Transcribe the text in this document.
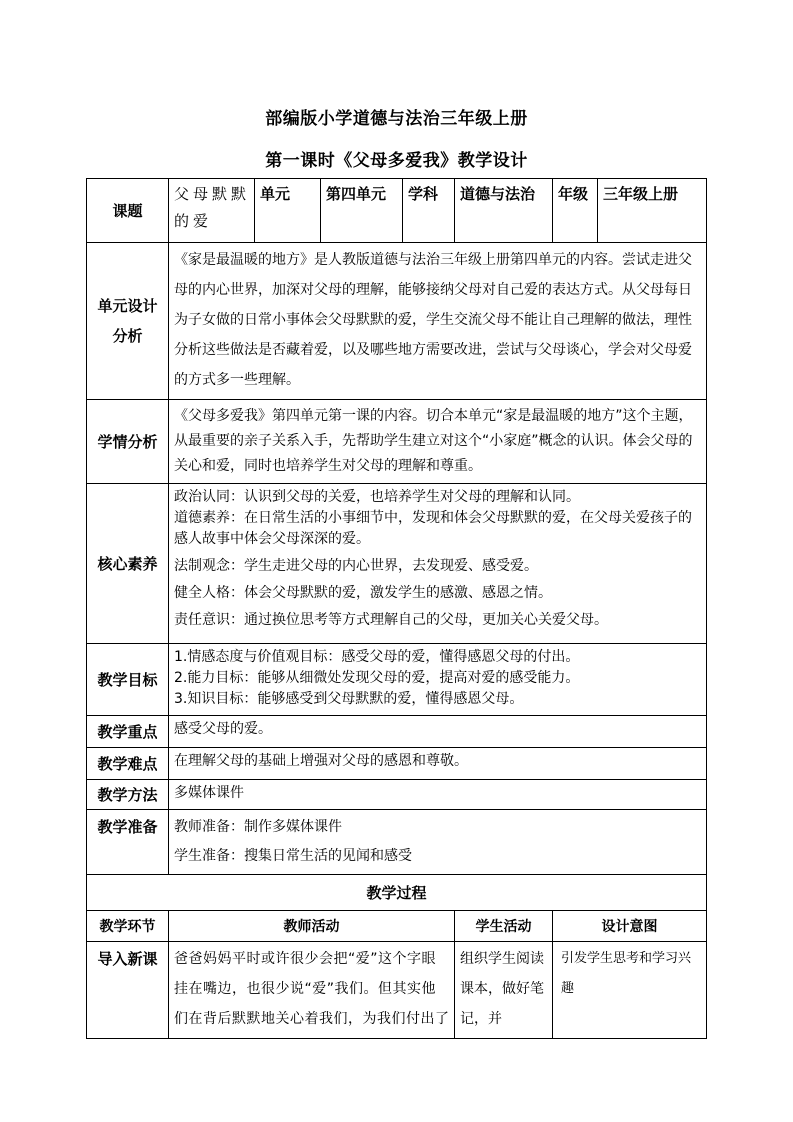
部编版小学道德与法治三年级上册
第一课时《父母多爱我》教学设计
课题	父母默默的爱	单元	第四单元	学科	道德与法治	年级	三年级上册

单元设计
分析	《家是最温暖的地方》是人教版道德与法治三年级上册第四单元的内容。尝试走进父母的内心世界，加深对父母的理解，能够接纳父母对自己爱的表达方式。从父母每日为子女做的日常小事体会父母默默的爱，学生交流父母不能让自己理解的做法，理性分析这些做法是否藏着爱，以及哪些地方需要改进，尝试与父母谈心，学会对父母爱的方式多一些理解。						
学情分析	《父母多爱我》第四单元第一课的内容。切合本单元“家是最温暖的地方”这个主题，从最重要的亲子关系入手，先帮助学生建立对这个“小家庭”概念的认识。体会父母的关心和爱，同时也培养学生对父母的理解和尊重。						
核心素养	政治认同：认识到父母的关爱，也培养学生对父母的理解和认同。
道德素养：在日常生活的小事细节中，发现和体会父母默默的爱，在父母关爱孩子的感人故事中体会父母深深的爱。
法制观念：学生走进父母的内心世界，去发现爱、感受爱。
健全人格：体会父母默默的爱，激发学生的感激、感恩之情。
责任意识：通过换位思考等方式理解自己的父母，更加关心关爱父母。						

教学目标	1.情感态度与价值观目标：感受父母的爱，懂得感恩父母的付出。
2.能力目标：能够从细微处发现父母的爱，提高对爱的感受能力。
3.知识目标：能够感受到父母默默的爱，懂得感恩父母。						

教学重点	感受父母的爱。						
教学难点	在理解父母的基础上增强对父母的感恩和尊敬。						
教学方法	多媒体课件						
教学准备	教师准备：制作多媒体课件
学生准备：搜集日常生活的见闻和感受						

教学过程							
教学环节	教师活动				学生活动	设计意图	
导入新课	爸爸妈妈平时或许很少会把“爱”这个字眼挂在嘴边，也很少说“爱”我们。但其实他们在背后默默地关心着我们，为我们付出了				组织学生阅读课本，做好笔记，并	引发学生思考和学习兴趣	
